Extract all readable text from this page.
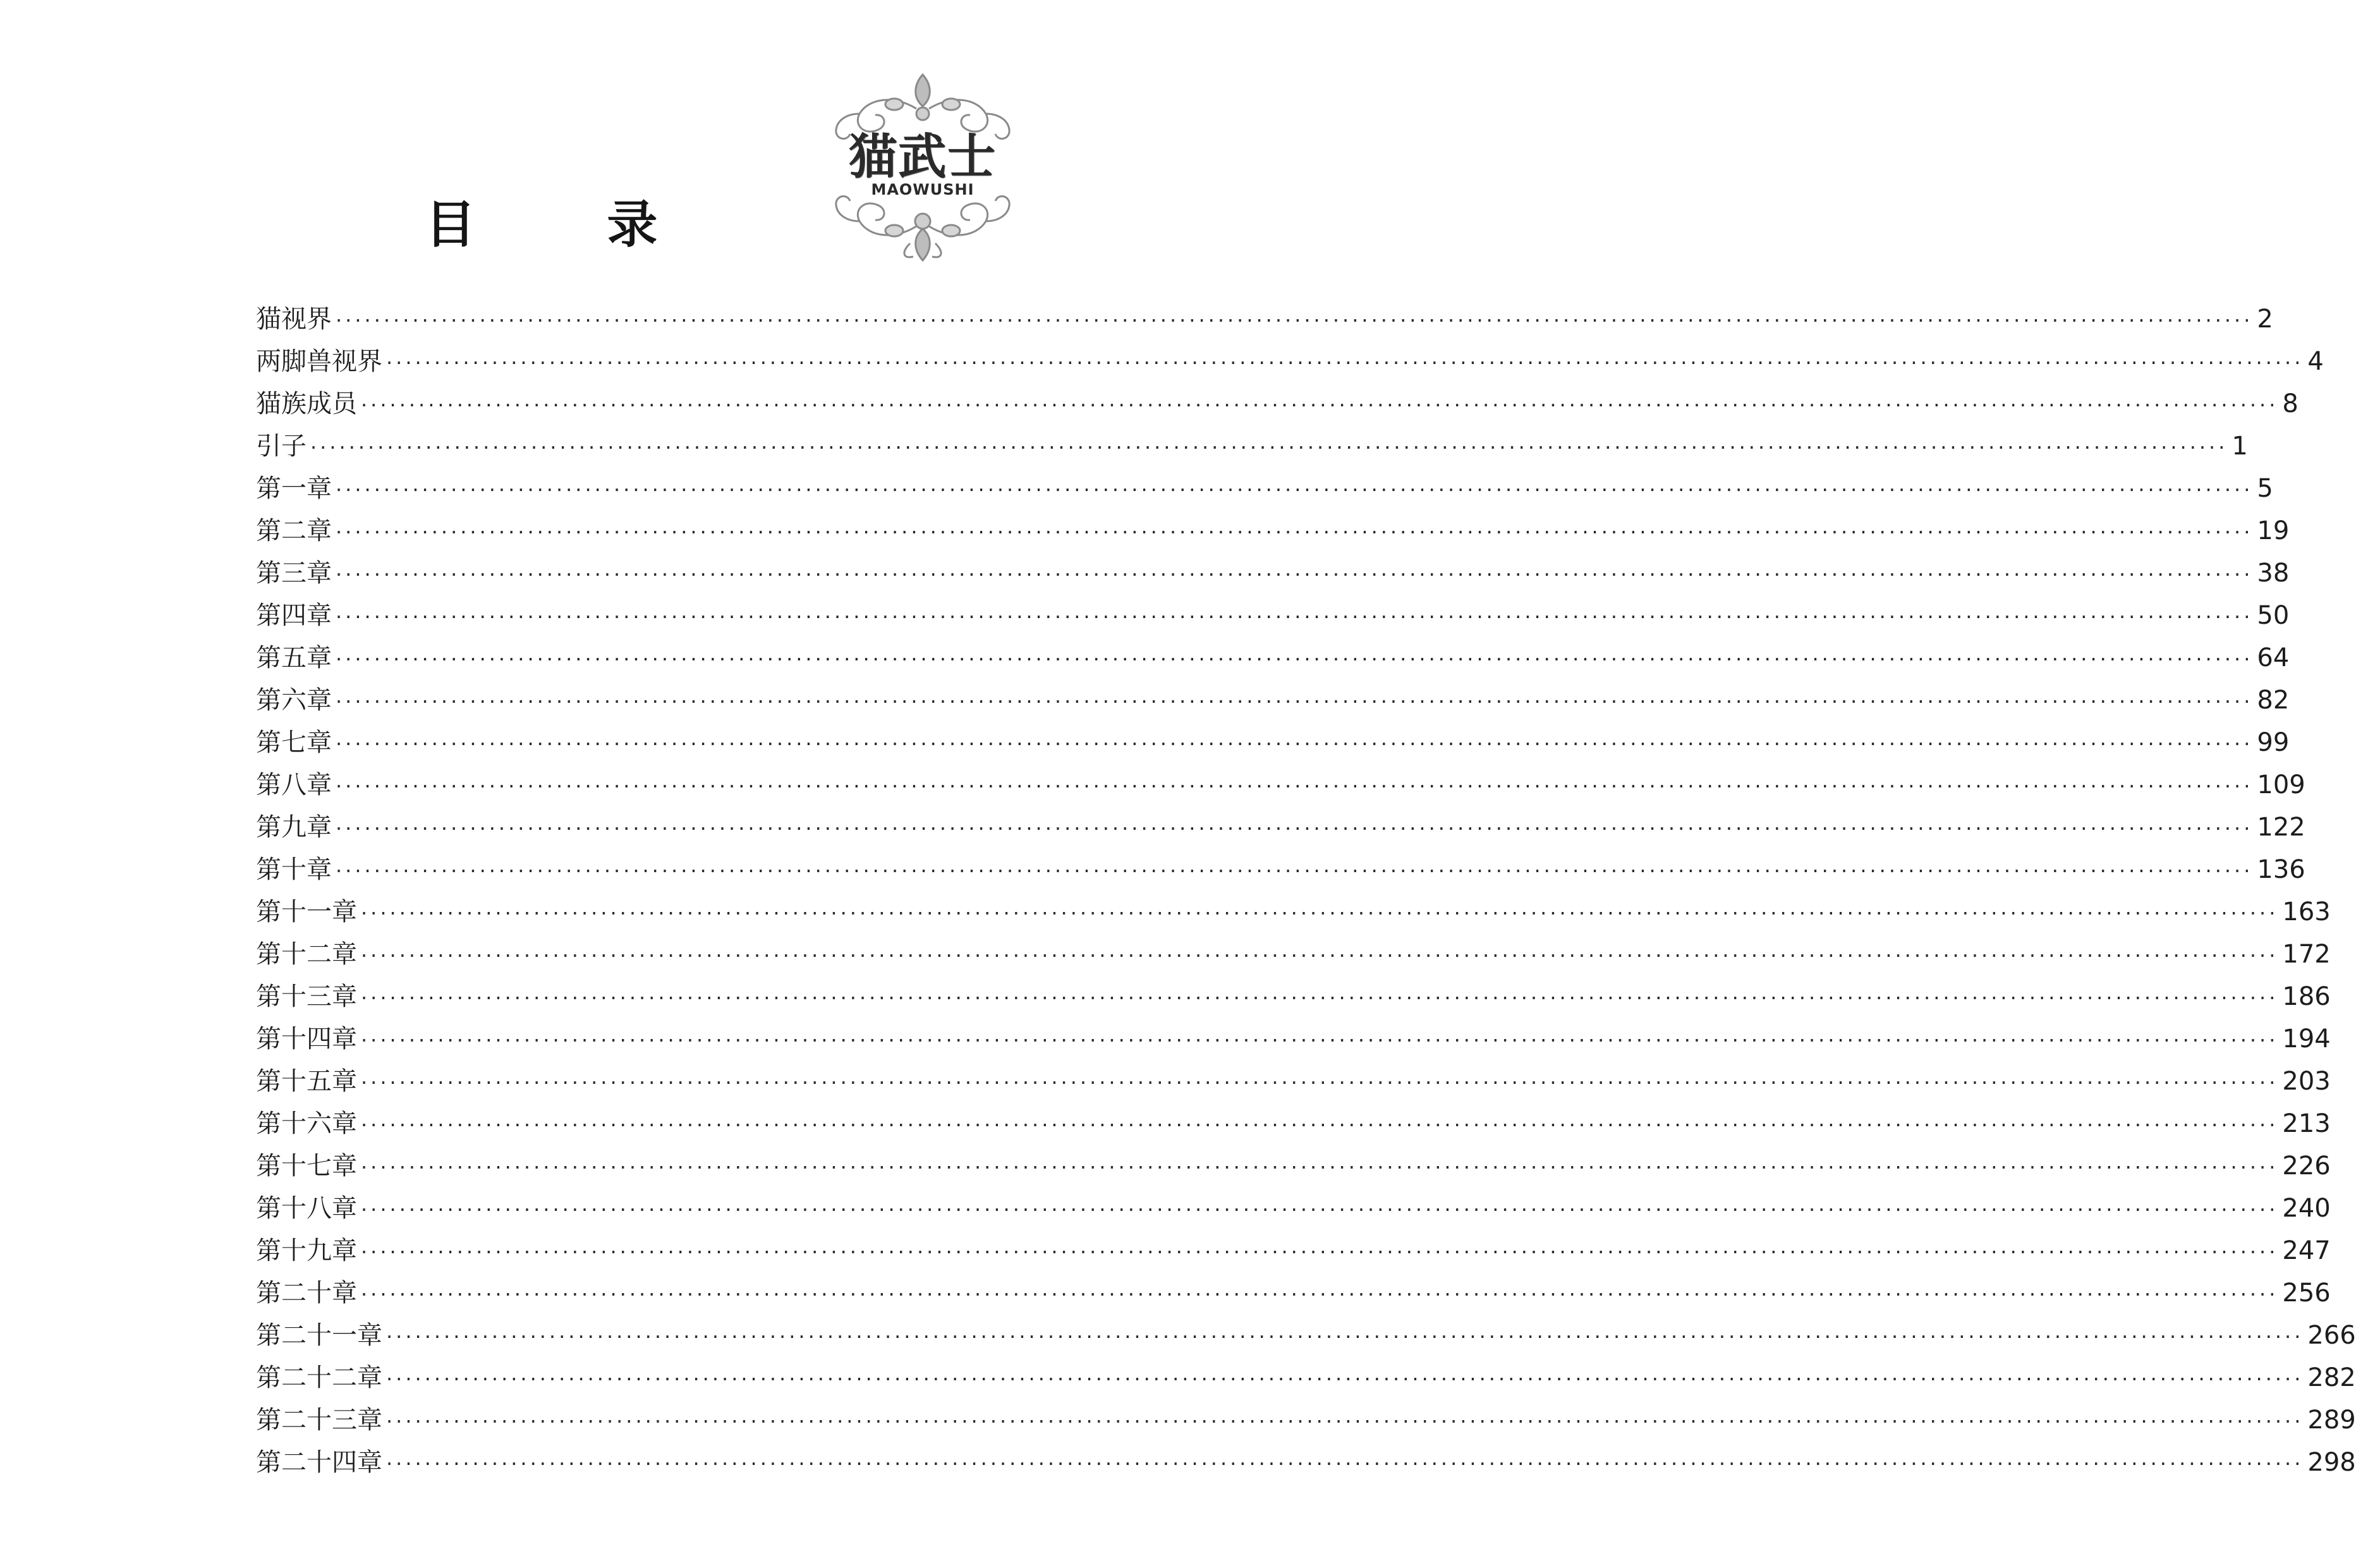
猫武士
MAOWUSHI
目 录
猫视界 ········································································································································································································ 2
两脚兽视界 ········································································································································································································ 4
猫族成员 ········································································································································································································ 8
引子 ········································································································································································································ 1
第一章 ········································································································································································································ 5
第二章 ········································································································································································································ 19
第三章 ········································································································································································································ 38
第四章 ········································································································································································································ 50
第五章 ········································································································································································································ 64
第六章 ········································································································································································································ 82
第七章 ········································································································································································································ 99
第八章 ········································································································································································································ 109
第九章 ········································································································································································································ 122
第十章 ········································································································································································································ 136
第十一章 ········································································································································································································ 163
第十二章 ········································································································································································································ 172
第十三章 ········································································································································································································ 186
第十四章 ········································································································································································································ 194
第十五章 ········································································································································································································ 203
第十六章 ········································································································································································································ 213
第十七章 ········································································································································································································ 226
第十八章 ········································································································································································································ 240
第十九章 ········································································································································································································ 247
第二十章 ········································································································································································································ 256
第二十一章 ········································································································································································································ 266
第二十二章 ········································································································································································································ 282
第二十三章 ········································································································································································································ 289
第二十四章 ········································································································································································································ 298
